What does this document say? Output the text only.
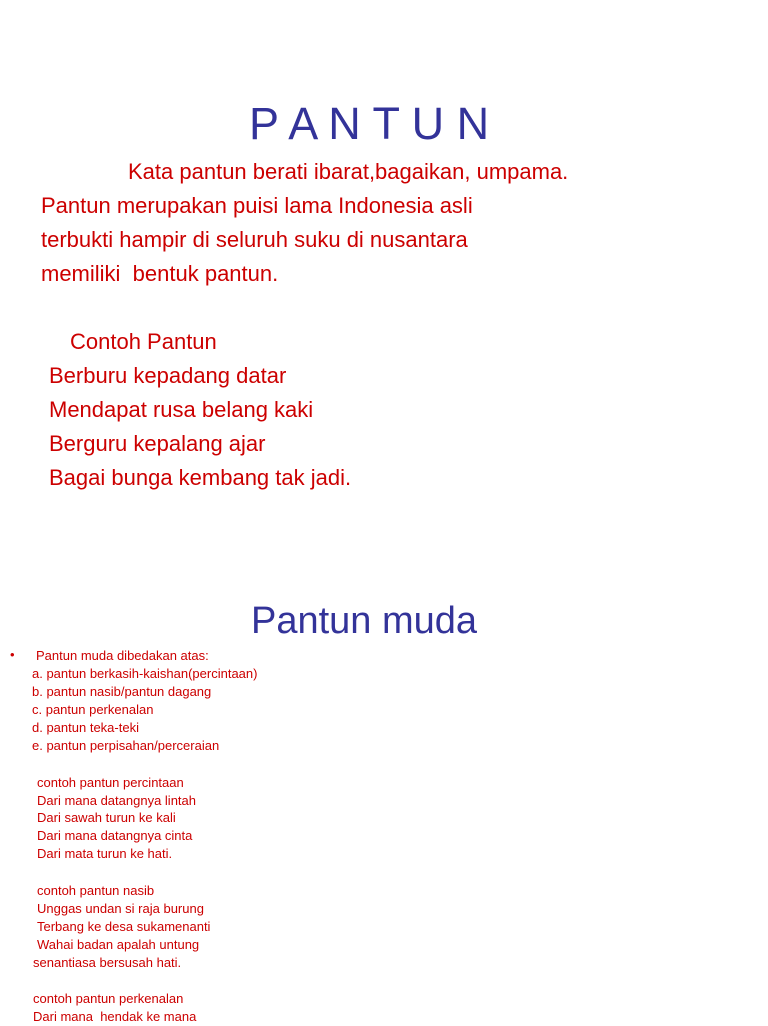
P A N T U N

Kata pantun berati ibarat,bagaikan, umpama.
Pantun merupakan puisi lama Indonesia asli
terbukti hampir di seluruh suku di nusantara
memiliki  bentuk pantun.
Contoh Pantun
Berburu kepadang datar
Mendapat rusa belang kaki
Berguru kepalang ajar
Bagai bunga kembang tak jadi.
Pantun muda
• Pantun muda dibedakan atas:
a. pantun berkasih-kaishan(percintaan)
b. pantun nasib/pantun dagang
c. pantun perkenalan
d. pantun teka-teki
e. pantun perpisahan/perceraian
contoh pantun percintaan
Dari mana datangnya lintah
Dari sawah turun ke kali
Dari mana datangnya cinta
Dari mata turun ke hati.
contoh pantun nasib
Unggas undan si raja burung
Terbang ke desa sukamenanti
Wahai badan apalah untung
senantiasa bersusah hati.
contoh pantun perkenalan
Dari mana  hendak ke mana
